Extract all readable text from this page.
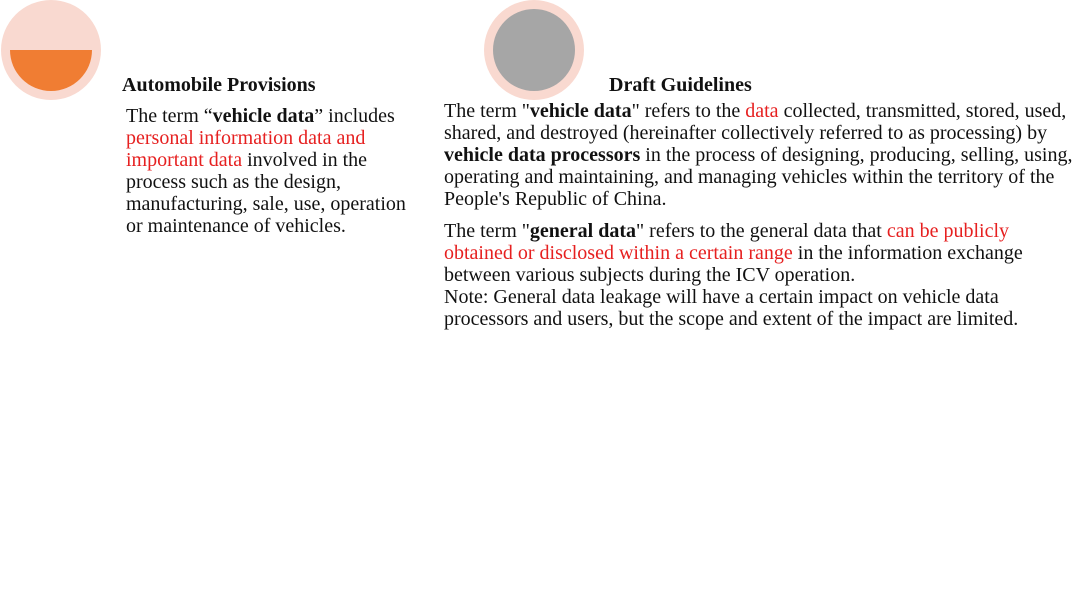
Automobile Provisions	Draft Guidelines
The term “vehicle data” includes personal information data and important data involved in the process such as the design, manufacturing, sale, use, operation or maintenance of vehicles.

The term "vehicle data" refers to the data collected, transmitted, stored, used, shared, and destroyed (hereinafter collectively referred to as processing) by vehicle data processors in the process of designing, producing, selling, using, operating and maintaining, and managing vehicles within the territory of the People's Republic of China.

The term "general data" refers to the general data that can be publicly obtained or disclosed within a certain range in the information exchange between various subjects during the ICV operation.

Note: General data leakage will have a certain impact on vehicle data processors and users, but the scope and extent of the impact are limited.
